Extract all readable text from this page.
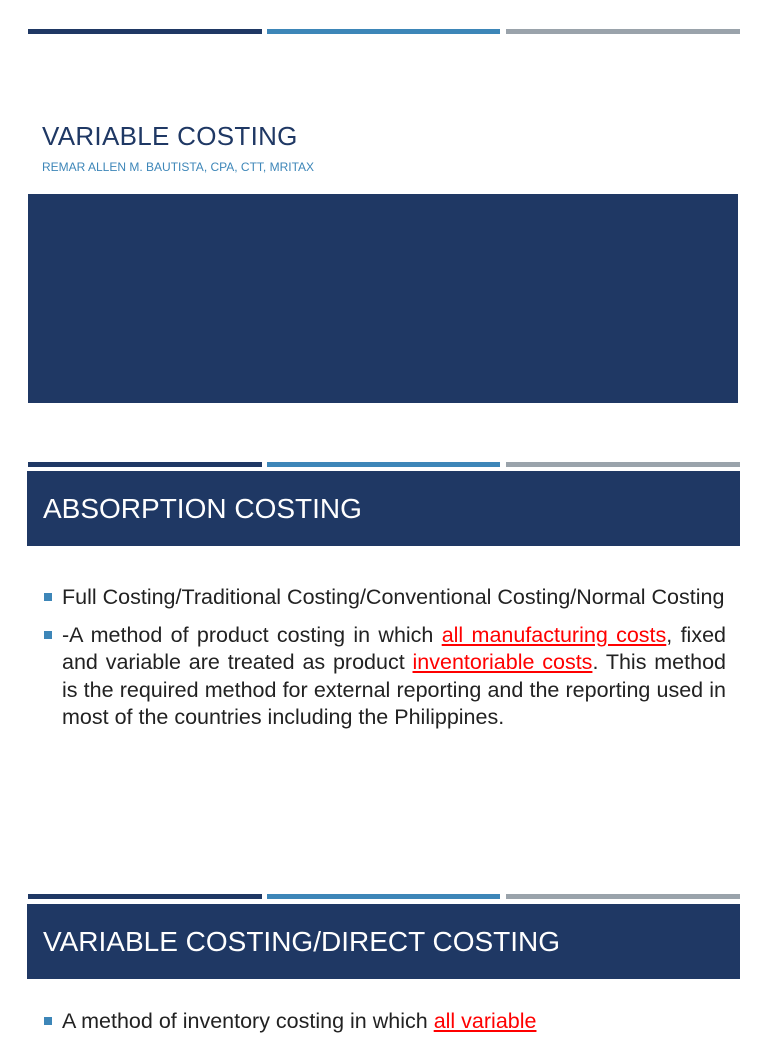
VARIABLE COSTING
REMAR ALLEN M. BAUTISTA, CPA, CTT, MRITAX
ABSORPTION COSTING
Full Costing/Traditional Costing/Conventional Costing/Normal Costing
-A method of product costing in which all manufacturing costs, fixed and variable are treated as product inventoriable costs. This method is the required method for external reporting and the reporting used in most of the countries including the Philippines.
VARIABLE COSTING/DIRECT COSTING
A method of inventory costing in which all variable
